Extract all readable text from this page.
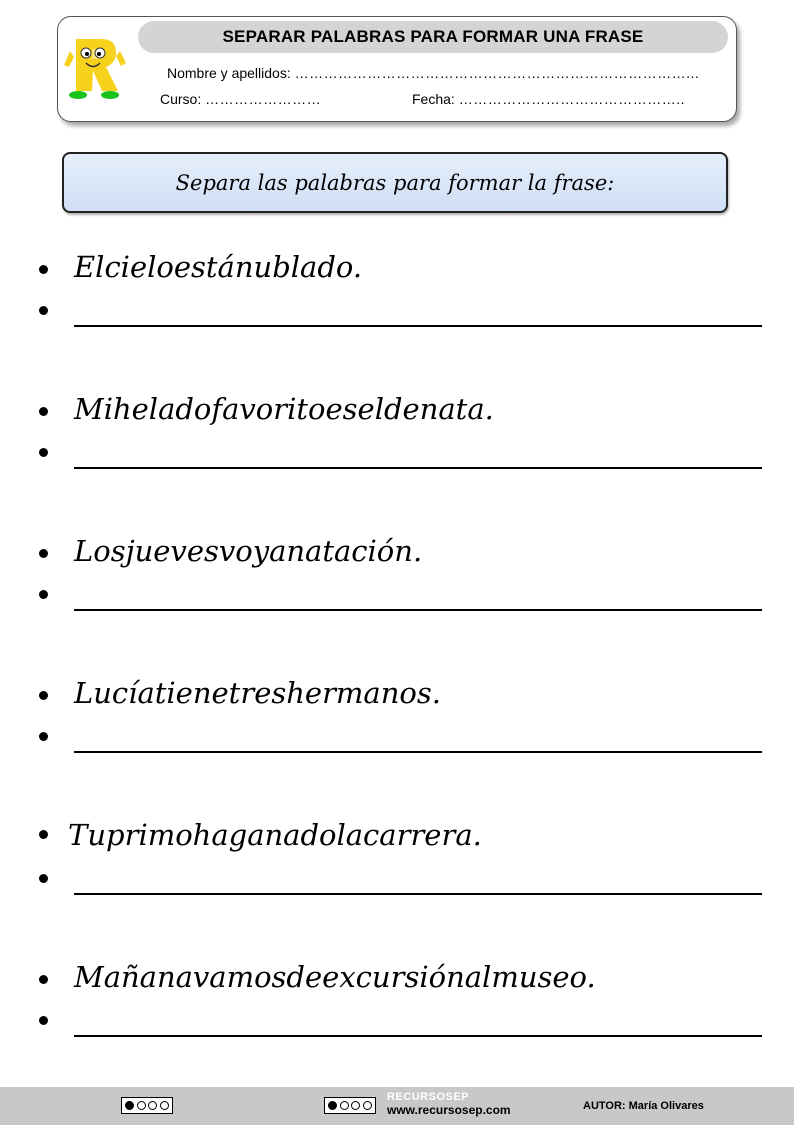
SEPARAR PALABRAS PARA FORMAR UNA FRASE
Nombre y apellidos: ………………………………………………………………………...
Curso: ……………………	Fecha: ………………………………………..
Separa las palabras para formar la frase:
Elcieloestánublado.
Miheladofavoritoeseldenata.
Losjuevesvoyanatación.
Lucíatienetreshermanos.
Tuprimohaganadolacarrera.
Mañanavamosdeexcursiónalmuseo.
RECURSOSEP
www.recursosep.com	AUTOR: María Olivares
